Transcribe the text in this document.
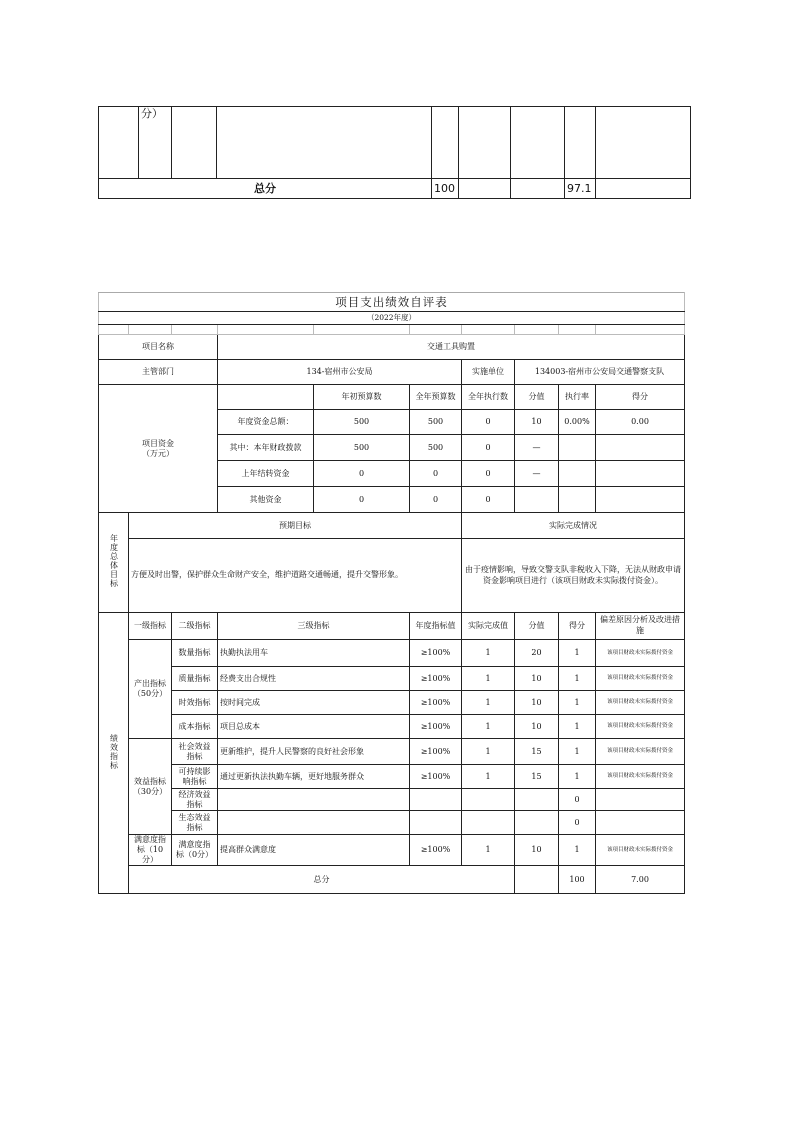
	分）							
总分				100			97.1	
项目支出绩效自评表										
（2022年度）										

项目名称			交通工具购置							
主管部门			134-宿州市公安局			实施单位	134003-宿州市公安局交通警察支队			
项目资金
（万元）				年初预算数	全年预算数	全年执行数	分值	执行率	得分	
			年度资金总额：	500	500	0	10	0.00%	0.00	
			其中：本年财政拨款	500	500	0	—			
			上年结转资金	0	0	0	—			
			其他资金	0	0	0				
年度总体目标	预期目标					实际完成情况				
	方便及时出警，保护群众生命财产安全，维护道路交通畅通，提升交警形象。					由于疫情影响，导致交警支队非税收入下降，无法从财政申请资金影响项目进行（该项目财政未实际拨付资金）。				
绩效指标	一级指标	二级指标	三级指标		年度指标值	实际完成值	分值	得分	偏差原因分析及改进措施	
	产出指标
（50分）	数量指标	执勤执法用车		≥100%	1	20	1	该项目财政未实际拨付资金	
		质量指标	经费支出合规性		≥100%	1	10	1	该项目财政未实际拨付资金	
		时效指标	按时间完成		≥100%	1	10	1	该项目财政未实际拨付资金	
		成本指标	项目总成本		≥100%	1	10	1	该项目财政未实际拨付资金	
	效益指标
（30分）	社会效益
指标	更新维护，提升人民警察的良好社会形象		≥100%	1	15	1	该项目财政未实际拨付资金	
		可持续影
响指标	通过更新执法执勤车辆，更好地服务群众		≥100%	1	15	1	该项目财政未实际拨付资金	
		经济效益
指标						0		
		生态效益
指标						0		
	满意度指
标（10分）	满意度指
标（0分）	提高群众满意度		≥100%	1	10	1	该项目财政未实际拨付资金	
	总分							100	7.00	
